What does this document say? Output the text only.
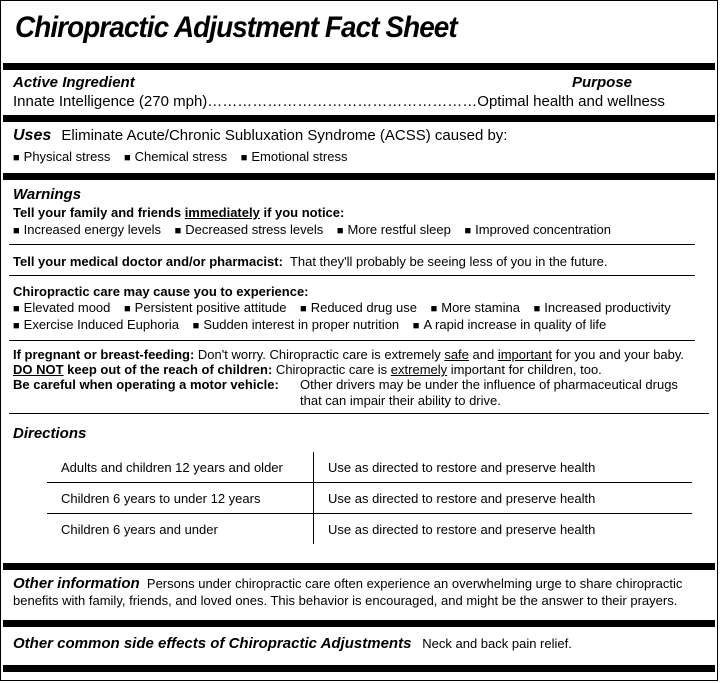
Chiropractic Adjustment Fact Sheet
Active Ingredient	Purpose
Innate Intelligence (270 mph)………………………………………………Optimal health and wellness
Uses Eliminate Acute/Chronic Subluxation Syndrome (ACSS) caused by:
■ Physical stress ■ Chemical stress ■ Emotional stress
Warnings
Tell your family and friends immediately if you notice:
■ Increased energy levels ■ Decreased stress levels ■ More restful sleep ■ Improved concentration
Tell your medical doctor and/or pharmacist: That they'll probably be seeing less of you in the future.
Chiropractic care may cause you to experience:
■ Elevated mood ■ Persistent positive attitude ■ Reduced drug use ■ More stamina ■ Increased productivity
■ Exercise Induced Euphoria ■ Sudden interest in proper nutrition ■ A rapid increase in quality of life
If pregnant or breast-feeding: Don't worry. Chiropractic care is extremely safe and important for you and your baby.
DO NOT keep out of the reach of children: Chiropractic care is extremely important for children, too.
Be careful when operating a motor vehicle: Other drivers may be under the influence of pharmaceutical drugs
that can impair their ability to drive.
Directions
Adults and children 12 years and older	Use as directed to restore and preserve health
Children 6 years to under 12 years	Use as directed to restore and preserve health
Children 6 years and under	Use as directed to restore and preserve health
Other information Persons under chiropractic care often experience an overwhelming urge to share chiropractic
benefits with family, friends, and loved ones. This behavior is encouraged, and might be the answer to their prayers.
Other common side effects of Chiropractic Adjustments Neck and back pain relief.
